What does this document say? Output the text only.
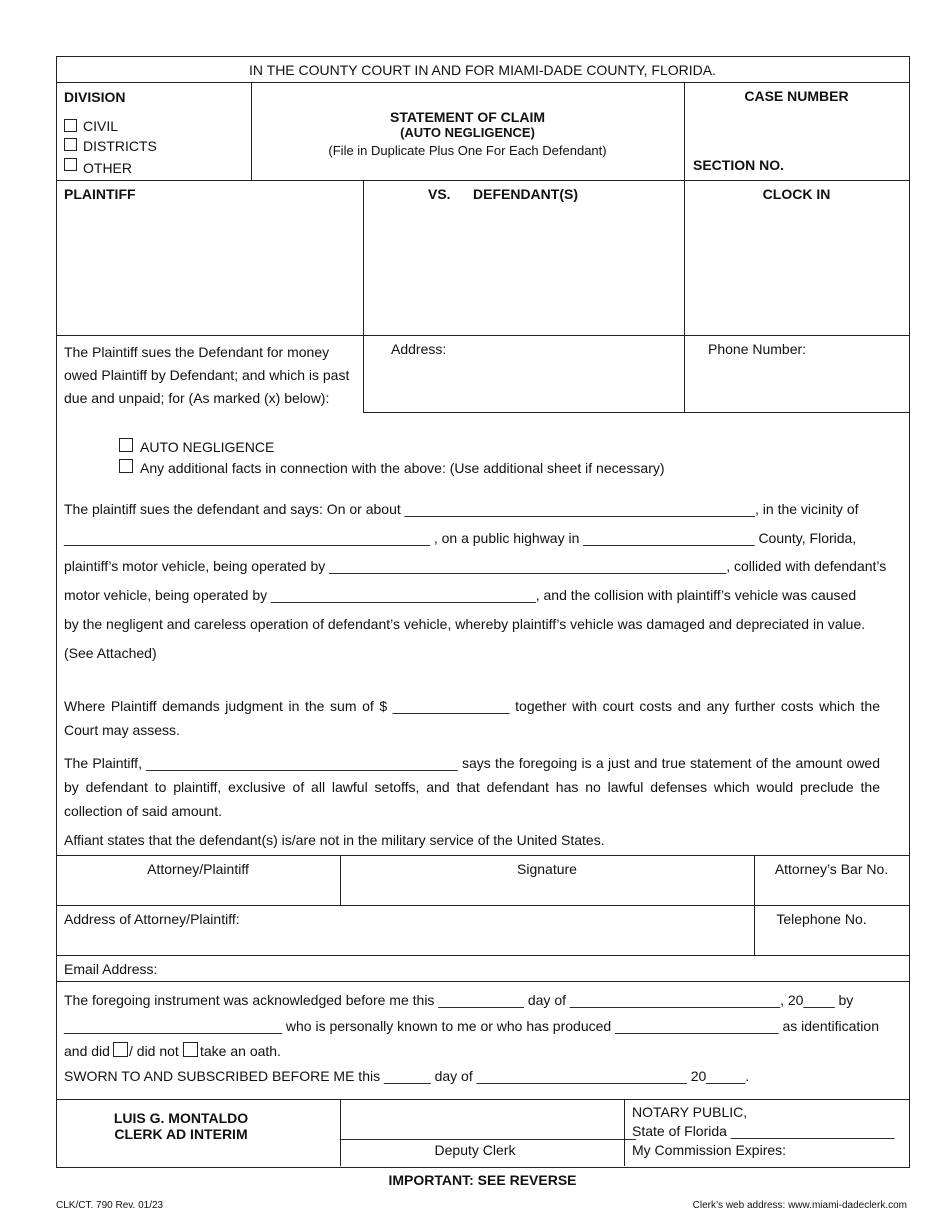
IN THE COUNTY COURT IN AND FOR MIAMI-DADE COUNTY, FLORIDA.
DIVISION
CIVIL
DISTRICTS
OTHER
STATEMENT OF CLAIM
(AUTO NEGLIGENCE)
(File in Duplicate Plus One For Each Defendant)
CASE NUMBER
SECTION NO.
PLAINTIFF	VS. DEFENDANT(S)	CLOCK IN
The Plaintiff sues the Defendant for money
owed Plaintiff by Defendant; and which is past
due and unpaid; for (As marked (x) below):
Address:	Phone Number:
AUTO NEGLIGENCE
Any additional facts in connection with the above: (Use additional sheet if necessary)
The plaintiff sues the defendant and says: On or about _____________________________________________, in the vicinity of
_______________________________________________ , on a public highway in ______________________ County, Florida,
plaintiff’s motor vehicle, being operated by ___________________________________________________, collided with defendant’s
motor vehicle, being operated by __________________________________, and the collision with plaintiff’s vehicle was caused
by the negligent and careless operation of defendant’s vehicle, whereby plaintiff’s vehicle was damaged and depreciated in value.
(See Attached)
Where Plaintiff demands judgment in the sum of $ _______________ together with court costs and any further costs which the Court may assess.
The Plaintiff, ________________________________________ says the foregoing is a just and true statement of the amount owed by defendant to plaintiff, exclusive of all lawful setoffs, and that defendant has no lawful defenses which would preclude the collection of said amount.
Affiant states that the defendant(s) is/are not in the military service of the United States.
Attorney/Plaintiff	Signature	Attorney’s Bar No.
Address of Attorney/Plaintiff:	Telephone No.
Email Address:
The foregoing instrument was acknowledged before me this ___________ day of ___________________________, 20____ by
____________________________ who is personally known to me or who has produced _____________________ as identification
and did / did not take an oath.
SWORN TO AND SUBSCRIBED BEFORE ME this ______ day of ___________________________ 20_____.
LUIS G. MONTALDO
CLERK AD INTERIM	______________________________________
Deputy Clerk
NOTARY PUBLIC,
State of Florida _____________________
My Commission Expires:
IMPORTANT: SEE REVERSE
CLK/CT. 790 Rev. 01/23	Clerk’s web address: www.miami-dadeclerk.com
